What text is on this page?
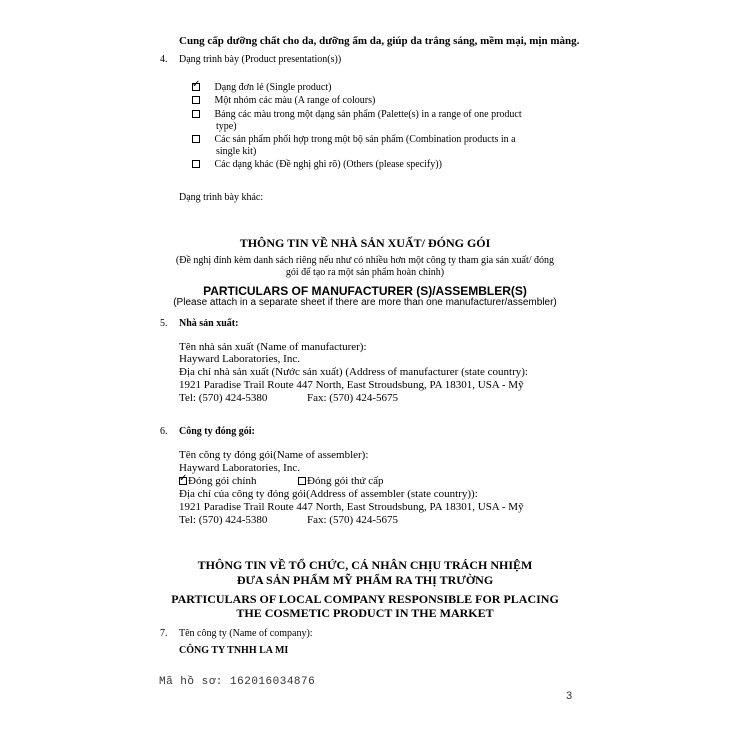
Cung cấp dưỡng chất cho da, dưỡng ẩm da, giúp da trắng sáng, mềm mại, mịn màng.
4. Dạng trình bày (Product presentation(s))
✓ Dạng đơn lẻ (Single product)
Một nhóm các màu (A range of colours)
Bảng các màu trong một dạng sản phẩm (Palette(s) in a range of one product
type)
Các sản phẩm phối hợp trong một bộ sản phẩm (Combination products in a
single kit)
Các dạng khác (Đề nghị ghi rõ) (Others (please specify))
Dạng trình bày khác:
THÔNG TIN VỀ NHÀ SẢN XUẤT/ ĐÓNG GÓI
(Đề nghị đính kèm danh sách riêng nếu như có nhiều hơn một công ty tham gia sản xuất/ đóng
gói để tạo ra một sản phẩm hoàn chỉnh)
PARTICULARS OF MANUFACTURER (S)/ASSEMBLER(S)
(Please attach in a separate sheet if there are more than one manufacturer/assembler)
5. Nhà sản xuất:
Tên nhà sản xuất (Name of manufacturer):
Hayward Laboratories, Inc.
Địa chỉ nhà sản xuất (Nước sản xuất) (Address of manufacturer (state country):
1921 Paradise Trail Route 447 North, East Stroudsbung, PA 18301, USA - Mỹ
Tel: (570) 424-5380	Fax: (570) 424-5675
6. Công ty đóng gói:
Tên công ty đóng gói(Name of assembler):
Hayward Laboratories, Inc.
✓Đóng gói chính	Đóng gói thứ cấp
Địa chỉ của công ty đóng gói(Address of assembler (state country)):
1921 Paradise Trail Route 447 North, East Stroudsbung, PA 18301, USA - Mỹ
Tel: (570) 424-5380	Fax: (570) 424-5675
THÔNG TIN VỀ TỔ CHỨC, CÁ NHÂN CHỊU TRÁCH NHIỆM
ĐƯA SẢN PHẨM MỸ PHẨM RA THỊ TRƯỜNG
PARTICULARS OF LOCAL COMPANY RESPONSIBLE FOR PLACING
THE COSMETIC PRODUCT IN THE MARKET
7. Tên công ty (Name of company):
CÔNG TY TNHH LA MI
Mã hồ sơ: 162016034876
3
